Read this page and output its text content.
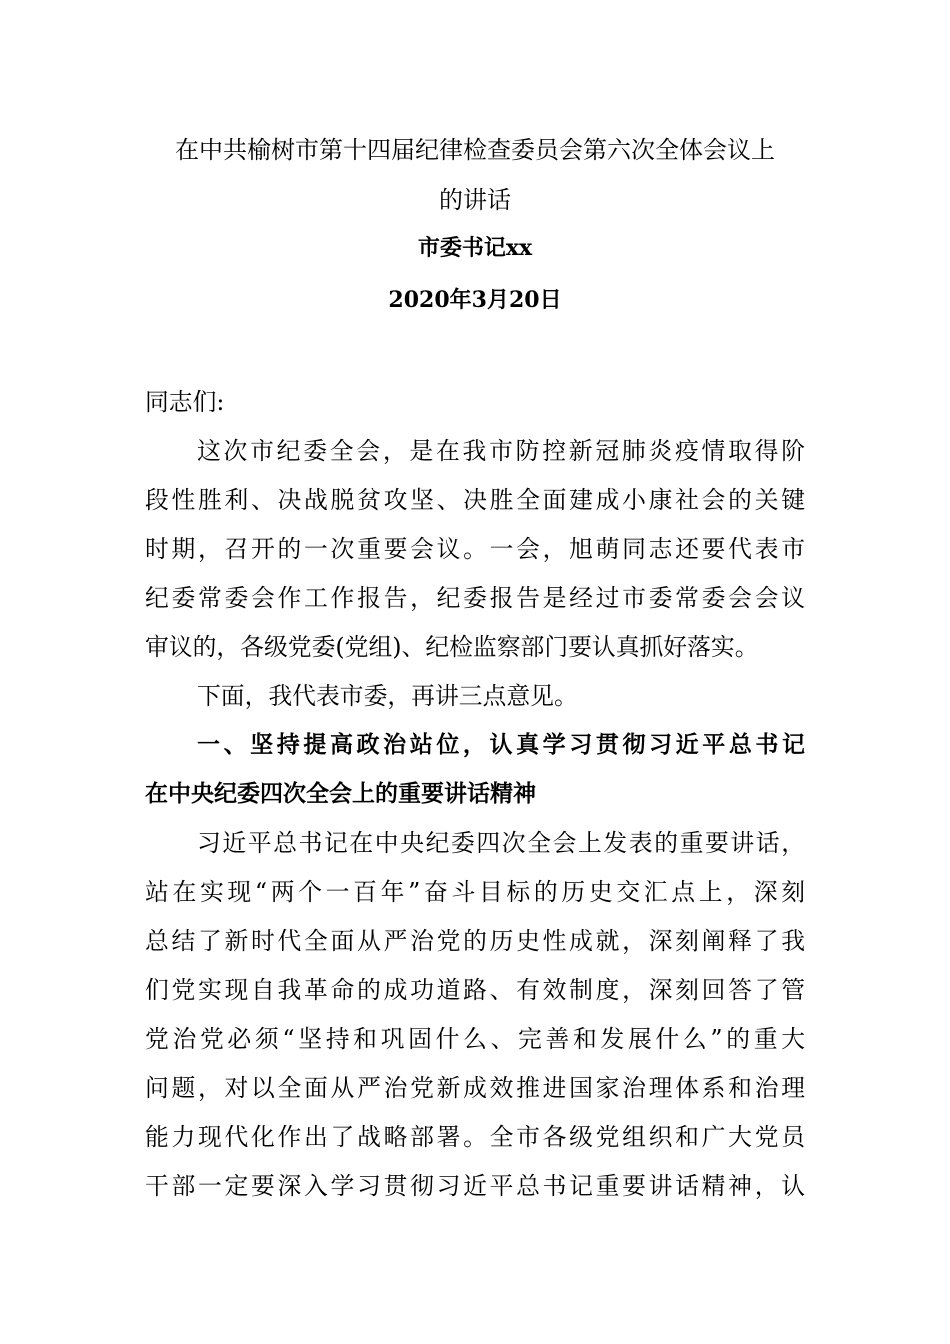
在中共榆树市第十四届纪律检查委员会第六次全体会议上
的讲话
市委书记xx
2020年3月20日
同志们:
这次市纪委全会，是在我市防控新冠肺炎疫情取得阶
段性胜利、决战脱贫攻坚、决胜全面建成小康社会的关键
时期，召开的一次重要会议。一会，旭萌同志还要代表市
纪委常委会作工作报告，纪委报告是经过市委常委会会议
审议的，各级党委(党组)、纪检监察部门要认真抓好落实。
下面，我代表市委，再讲三点意见。
一、坚持提高政治站位，认真学习贯彻习近平总书记
在中央纪委四次全会上的重要讲话精神
习近平总书记在中央纪委四次全会上发表的重要讲话，
站在实现“两个一百年”奋斗目标的历史交汇点上，深刻
总结了新时代全面从严治党的历史性成就，深刻阐释了我
们党实现自我革命的成功道路、有效制度，深刻回答了管
党治党必须“坚持和巩固什么、完善和发展什么”的重大
问题，对以全面从严治党新成效推进国家治理体系和治理
能力现代化作出了战略部署。全市各级党组织和广大党员
干部一定要深入学习贯彻习近平总书记重要讲话精神，认
